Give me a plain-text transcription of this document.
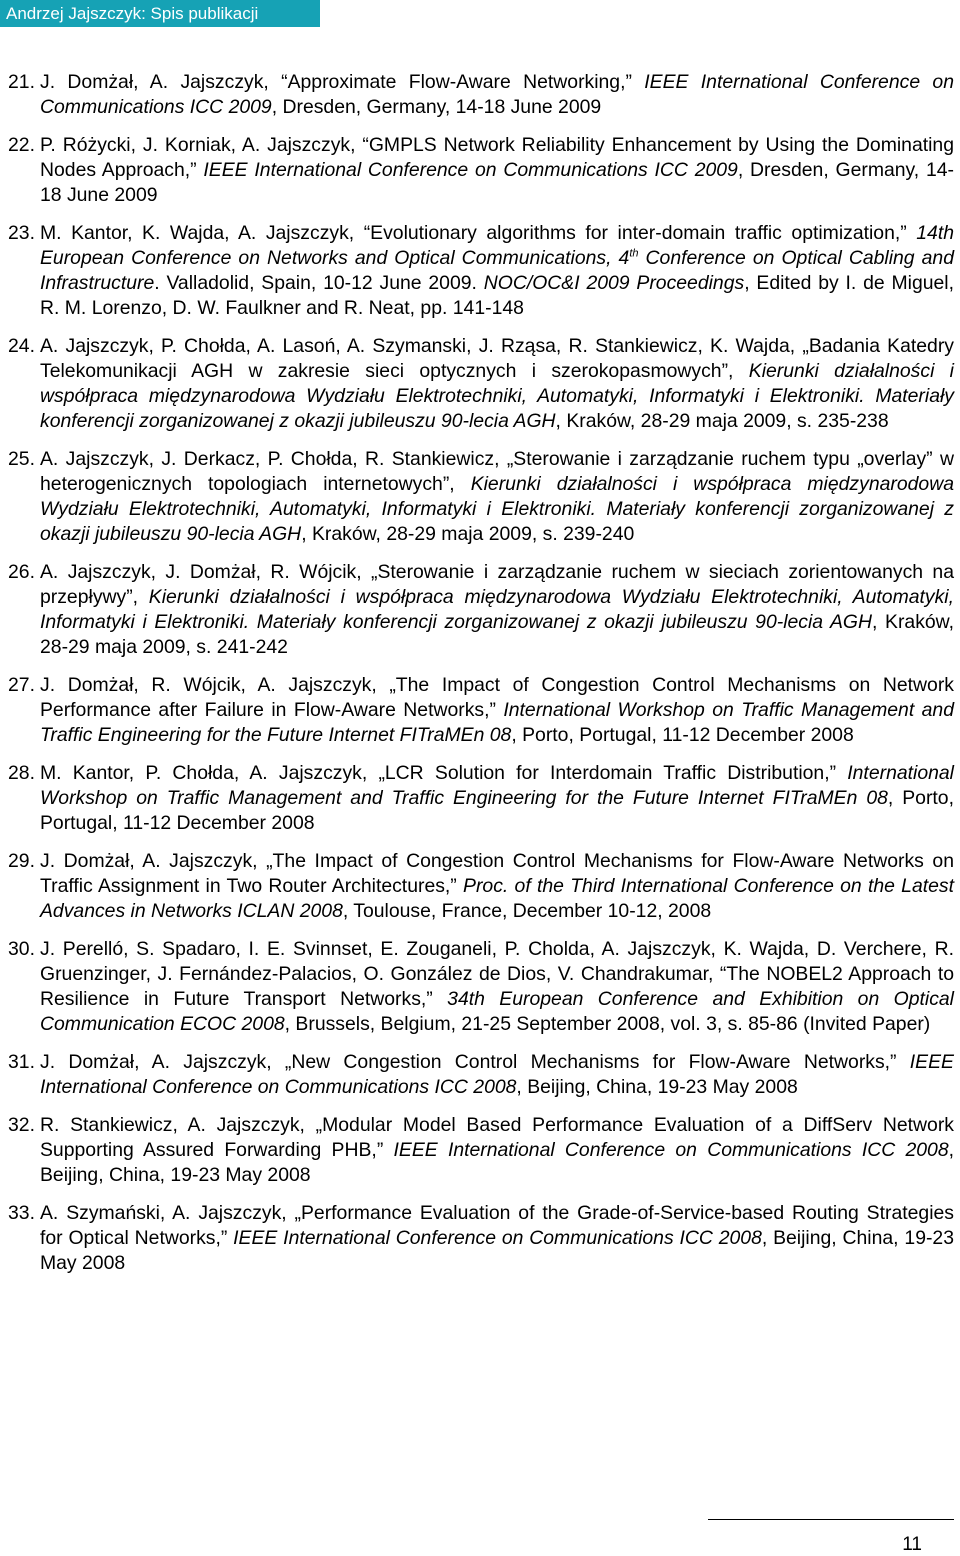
Andrzej Jajszczyk: Spis publikacji
21. J. Domżał, A. Jajszczyk, “Approximate Flow-Aware Networking,” IEEE International Conference on Communications ICC 2009, Dresden, Germany, 14-18 June 2009
22. P. Różycki, J. Korniak, A. Jajszczyk, “GMPLS Network Reliability Enhancement by Using the Dominating Nodes Approach,” IEEE International Conference on Communications ICC 2009, Dresden, Germany, 14-18 June 2009
23. M. Kantor, K. Wajda, A. Jajszczyk, “Evolutionary algorithms for inter-domain traffic optimization,” 14th European Conference on Networks and Optical Communications, 4th Conference on Optical Cabling and Infrastructure. Valladolid, Spain, 10-12 June 2009. NOC/OC&I 2009 Proceedings, Edited by I. de Miguel, R. M. Lorenzo, D. W. Faulkner and R. Neat, pp. 141-148
24. A. Jajszczyk, P. Chołda, A. Lasoń, A. Szymanski, J. Rząsa, R. Stankiewicz, K. Wajda, „Badania Katedry Telekomunikacji AGH w zakresie sieci optycznych i szerokopasmowych”, Kierunki działalności i współpraca międzynarodowa Wydziału Elektrotechniki, Automatyki, Informatyki i Elektroniki. Materiały konferencji zorganizowanej z okazji jubileuszu 90-lecia AGH, Kraków, 28-29 maja 2009, s. 235-238
25. A. Jajszczyk, J. Derkacz, P. Chołda, R. Stankiewicz, „Sterowanie i zarządzanie ruchem typu „overlay” w heterogenicznych topologiach internetowych”, Kierunki działalności i współpraca międzynarodowa Wydziału Elektrotechniki, Automatyki, Informatyki i Elektroniki. Materiały konferencji zorganizowanej z okazji jubileuszu 90-lecia AGH, Kraków, 28-29 maja 2009, s. 239-240
26. A. Jajszczyk, J. Domżał, R. Wójcik, „Sterowanie i zarządzanie ruchem w sieciach zorientowanych na przepływy”, Kierunki działalności i współpraca międzynarodowa Wydziału Elektrotechniki, Automatyki, Informatyki i Elektroniki. Materiały konferencji zorganizowanej z okazji jubileuszu 90-lecia AGH, Kraków, 28-29 maja 2009, s. 241-242
27. J. Domżał, R. Wójcik, A. Jajszczyk, „The Impact of Congestion Control Mechanisms on Network Performance after Failure in Flow-Aware Networks,” International Workshop on Traffic Management and Traffic Engineering for the Future Internet FITraMEn 08, Porto, Portugal, 11-12 December 2008
28. M. Kantor, P. Chołda, A. Jajszczyk, „LCR Solution for Interdomain Traffic Distribution,” International Workshop on Traffic Management and Traffic Engineering for the Future Internet FITraMEn 08, Porto, Portugal, 11-12 December 2008
29. J. Domżał, A. Jajszczyk, „The Impact of Congestion Control Mechanisms for Flow-Aware Networks on Traffic Assignment in Two Router Architectures,” Proc. of the Third International Conference on the Latest Advances in Networks ICLAN 2008, Toulouse, France, December 10-12, 2008
30. J. Perelló, S. Spadaro, I. E. Svinnset, E. Zouganeli, P. Cholda, A. Jajszczyk, K. Wajda, D. Verchere, R. Gruenzinger, J. Fernández-Palacios, O. González de Dios, V. Chandrakumar, “The NOBEL2 Approach to Resilience in Future Transport Networks,” 34th European Conference and Exhibition on Optical Communication ECOC 2008, Brussels, Belgium, 21-25 September 2008, vol. 3, s. 85-86 (Invited Paper)
31. J. Domżał, A. Jajszczyk, „New Congestion Control Mechanisms for Flow-Aware Networks,” IEEE International Conference on Communications ICC 2008, Beijing, China, 19-23 May 2008
32. R. Stankiewicz, A. Jajszczyk, „Modular Model Based Performance Evaluation of a DiffServ Network Supporting Assured Forwarding PHB,” IEEE International Conference on Communications ICC 2008, Beijing, China, 19-23 May 2008
33. A. Szymański, A. Jajszczyk, „Performance Evaluation of the Grade-of-Service-based Routing Strategies for Optical Networks,” IEEE International Conference on Communications ICC 2008, Beijing, China, 19-23 May 2008
11
